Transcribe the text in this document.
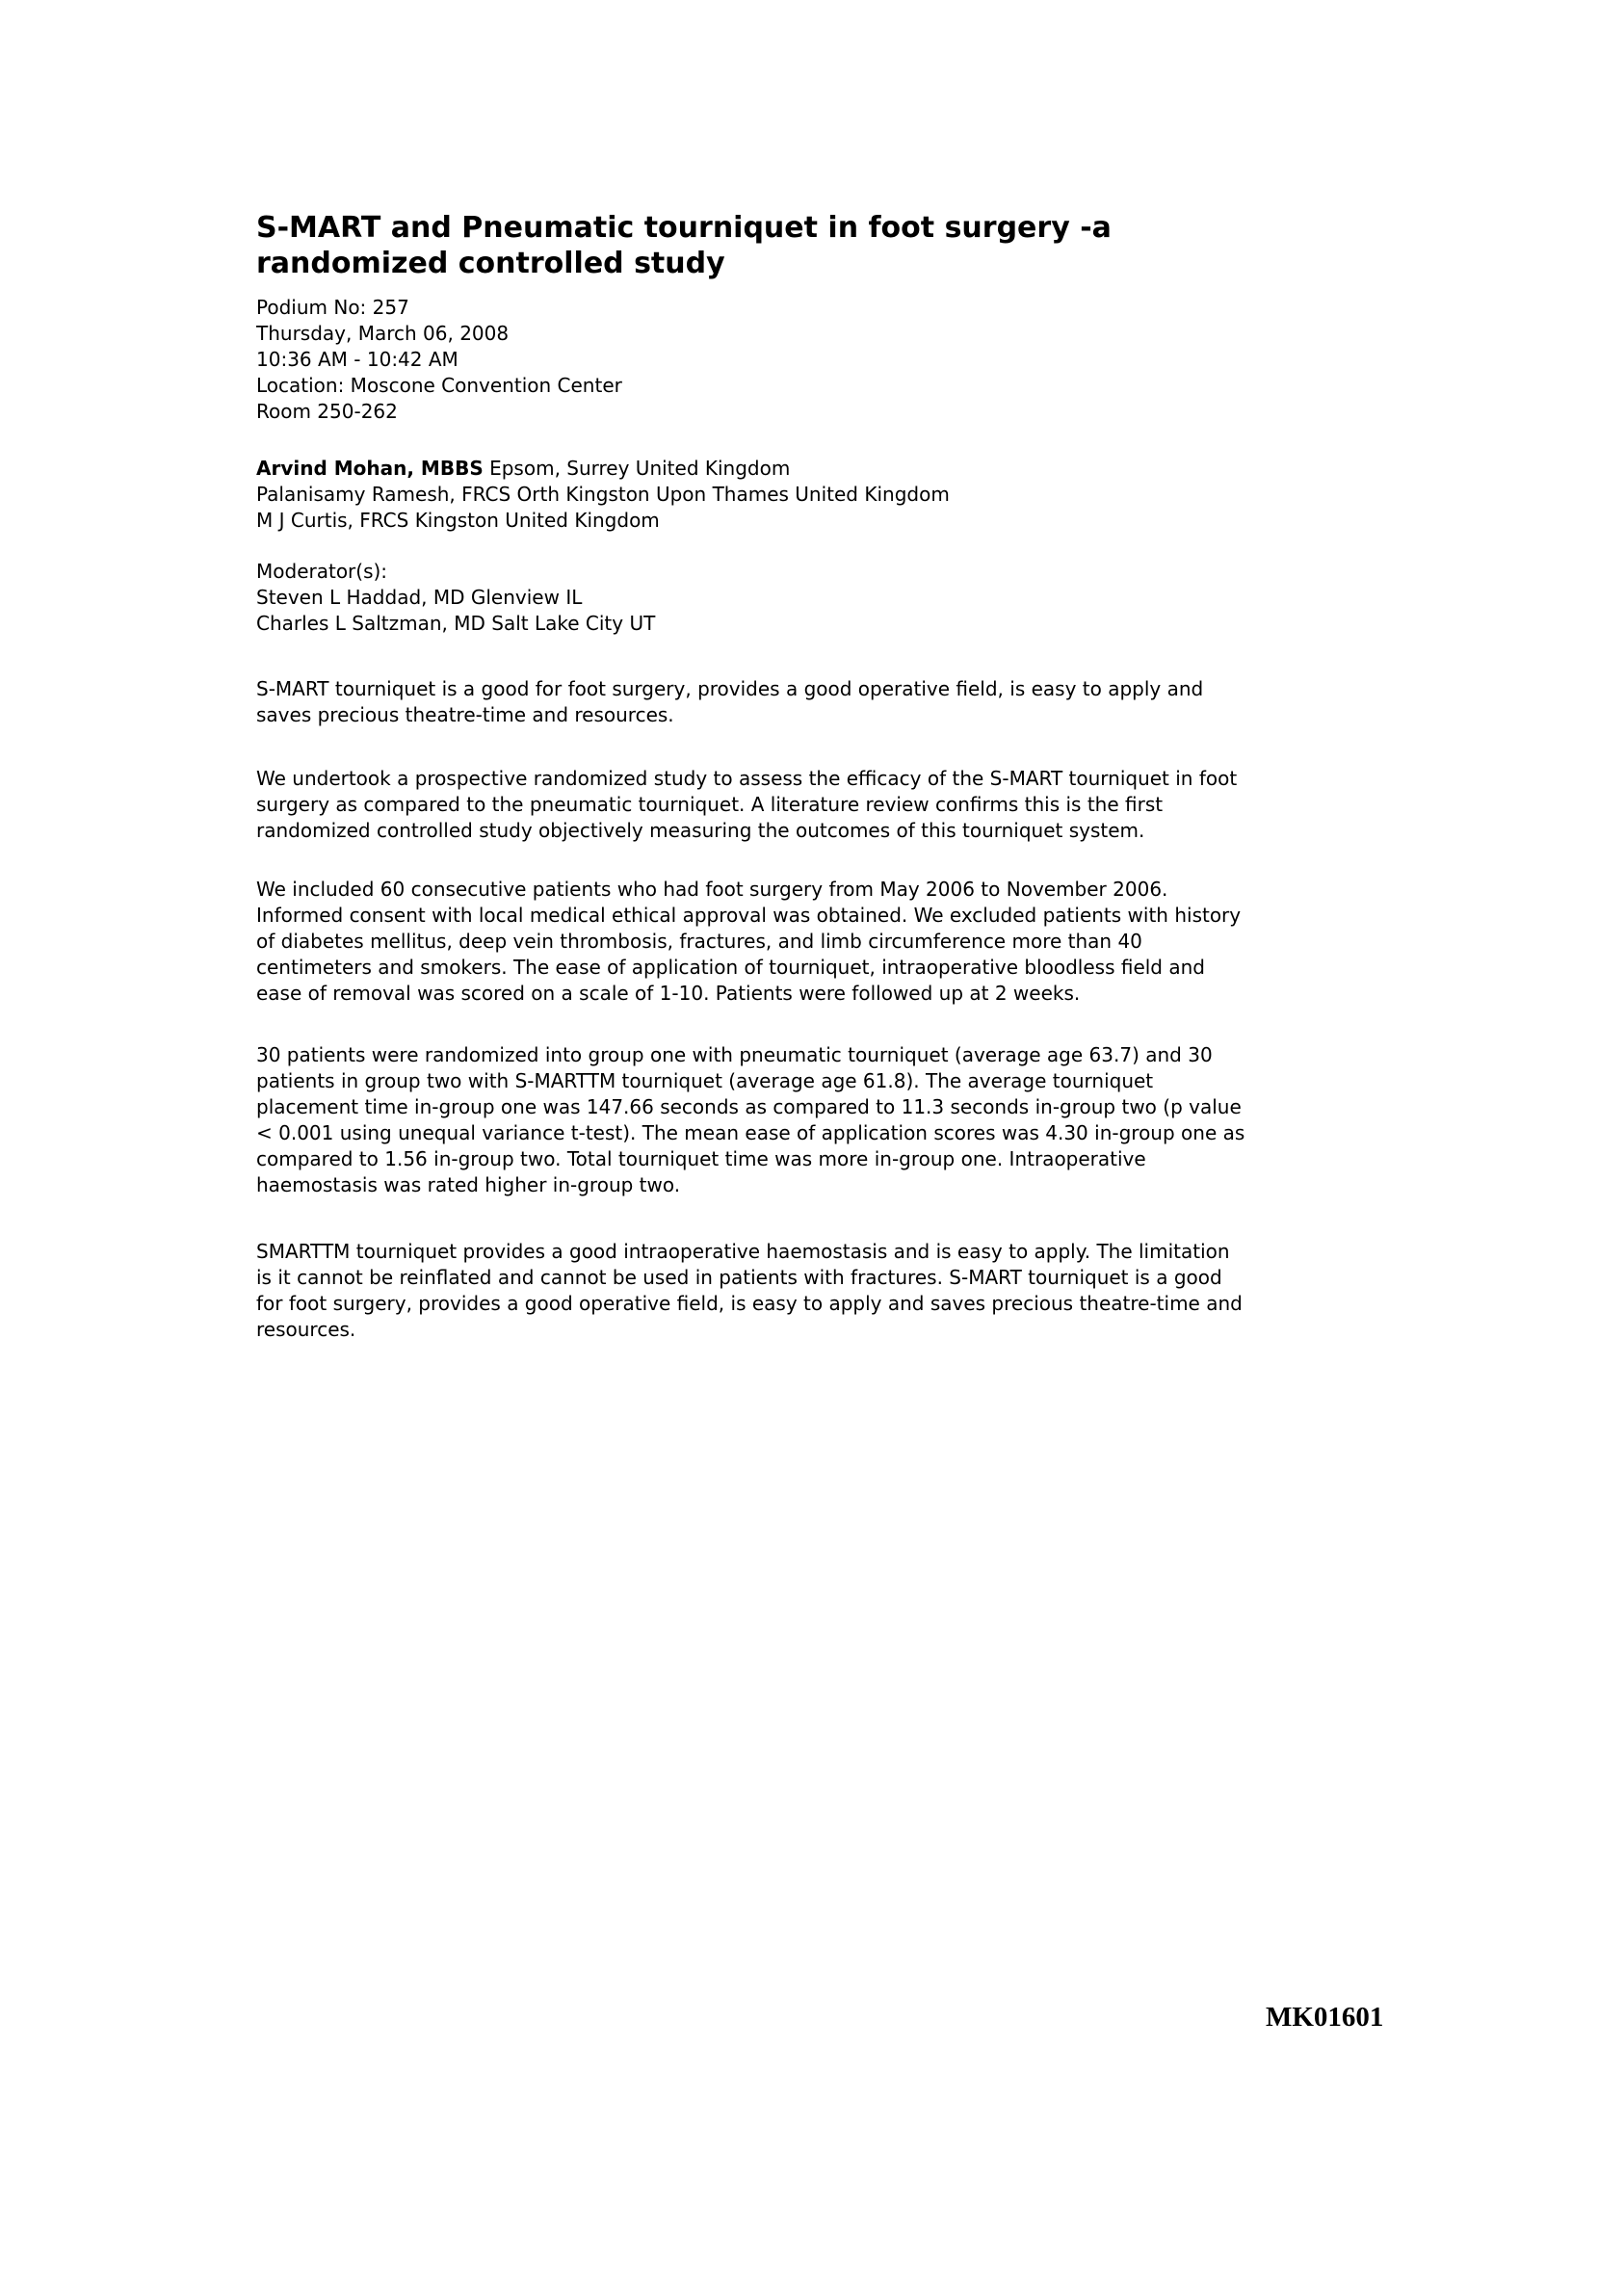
S-MART and Pneumatic tourniquet in foot surgery -a
randomized controlled study
Podium No: 257
Thursday, March 06, 2008
10:36 AM - 10:42 AM
Location: Moscone Convention Center
Room 250-262
Arvind Mohan, MBBS Epsom, Surrey United Kingdom
Palanisamy Ramesh, FRCS Orth Kingston Upon Thames United Kingdom
M J Curtis, FRCS Kingston United Kingdom
Moderator(s):
Steven L Haddad, MD Glenview IL
Charles L Saltzman, MD Salt Lake City UT
S-MART tourniquet is a good for foot surgery, provides a good operative field, is easy to apply and
saves precious theatre-time and resources.
We undertook a prospective randomized study to assess the efficacy of the S-MART tourniquet in foot
surgery as compared to the pneumatic tourniquet. A literature review confirms this is the first
randomized controlled study objectively measuring the outcomes of this tourniquet system.
We included 60 consecutive patients who had foot surgery from May 2006 to November 2006.
Informed consent with local medical ethical approval was obtained. We excluded patients with history
of diabetes mellitus, deep vein thrombosis, fractures, and limb circumference more than 40
centimeters and smokers. The ease of application of tourniquet, intraoperative bloodless field and
ease of removal was scored on a scale of 1-10. Patients were followed up at 2 weeks.
30 patients were randomized into group one with pneumatic tourniquet (average age 63.7) and 30
patients in group two with S-MARTTM tourniquet (average age 61.8). The average tourniquet
placement time in-group one was 147.66 seconds as compared to 11.3 seconds in-group two (p value
< 0.001 using unequal variance t-test). The mean ease of application scores was 4.30 in-group one as
compared to 1.56 in-group two. Total tourniquet time was more in-group one. Intraoperative
haemostasis was rated higher in-group two.
SMARTTM tourniquet provides a good intraoperative haemostasis and is easy to apply. The limitation
is it cannot be reinflated and cannot be used in patients with fractures. S-MART tourniquet is a good
for foot surgery, provides a good operative field, is easy to apply and saves precious theatre-time and
resources.
MK01601
